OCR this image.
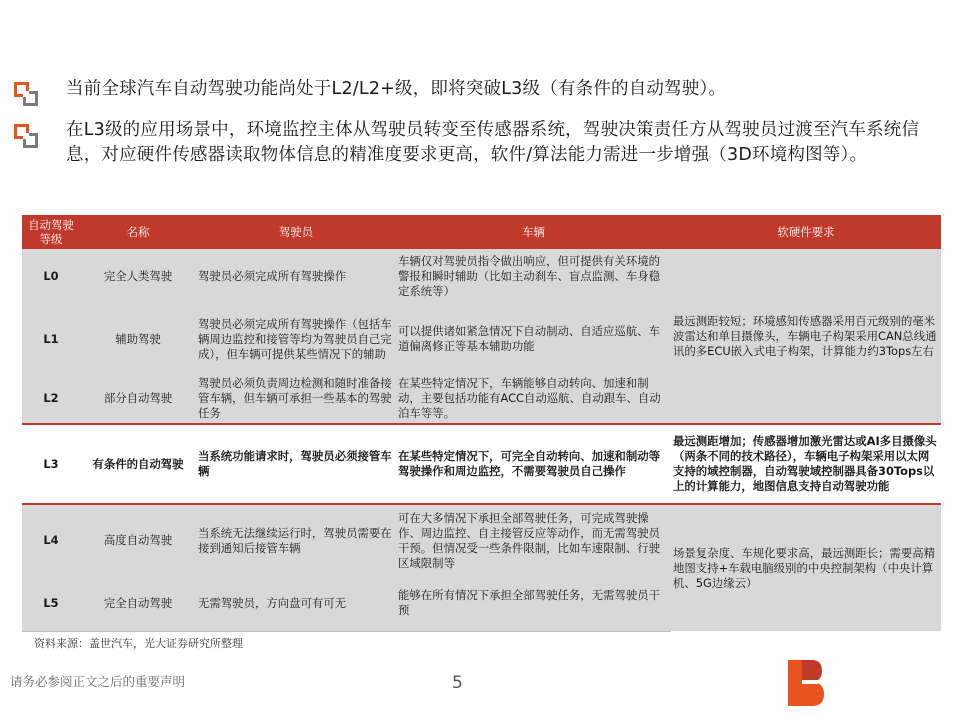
当前全球汽车自动驾驶功能尚处于L2/L2+级，即将突破L3级（有条件的自动驾驶）。
在L3级的应用场景中，环境监控主体从驾驶员转变至传感器系统，驾驶决策责任方从驾驶员过渡至汽车系统信息，对应硬件传感器读取物体信息的精准度要求更高，软件/算法能力需进一步增强（3D环境构图等）。
自动驾驶等级	名称	驾驶员	车辆	软硬件要求
L0	完全人类驾驶	驾驶员必须完成所有驾驶操作	车辆仅对驾驶员指令做出响应，但可提供有关环境的警报和瞬时辅助（比如主动刹车、盲点监测、车身稳定系统等）	最远测距较短；环境感知传感器采用百元级别的毫米波雷达和单目摄像头，车辆电子构架采用CAN总线通讯的多ECU嵌入式电子构架，计算能力约3Tops左右
L1	辅助驾驶	驾驶员必须完成所有驾驶操作（包括车辆周边监控和接管等均为驾驶员自己完成），但车辆可提供某些情况下的辅助	可以提供诸如紧急情况下自动制动、自适应巡航、车道偏离修正等基本辅助功能	
L2	部分自动驾驶	驾驶员必须负责周边检测和随时准备接管车辆，但车辆可承担一些基本的驾驶任务	在某些特定情况下，车辆能够自动转向、加速和制动，主要包括功能有ACC自动巡航、自动跟车、自动泊车等等。	
L3	有条件的自动驾驶	当系统功能请求时，驾驶员必须接管车辆	在某些特定情况下，可完全自动转向、加速和制动等驾驶操作和周边监控，不需要驾驶员自己操作	最远测距增加；传感器增加激光雷达或AI多目摄像头（两条不同的技术路径），车辆电子构架采用以太网支持的域控制器，自动驾驶域控制器具备30Tops以上的计算能力，地图信息支持自动驾驶功能
L4	高度自动驾驶	当系统无法继续运行时，驾驶员需要在接到通知后接管车辆	可在大多情况下承担全部驾驶任务，可完成驾驶操作、周边监控、自主接管反应等动作，而无需驾驶员干预。但情况受一些条件限制，比如车速限制、行驶区域限制等	场景复杂度、车规化要求高，最远测距长；需要高精地图支持+车载电脑级别的中央控制架构（中央计算机、5G边缘云）
L5	完全自动驾驶	无需驾驶员，方向盘可有可无	能够在所有情况下承担全部驾驶任务，无需驾驶员干预	
资料来源：盖世汽车，光大证券研究所整理
请务必参阅正文之后的重要声明	5
